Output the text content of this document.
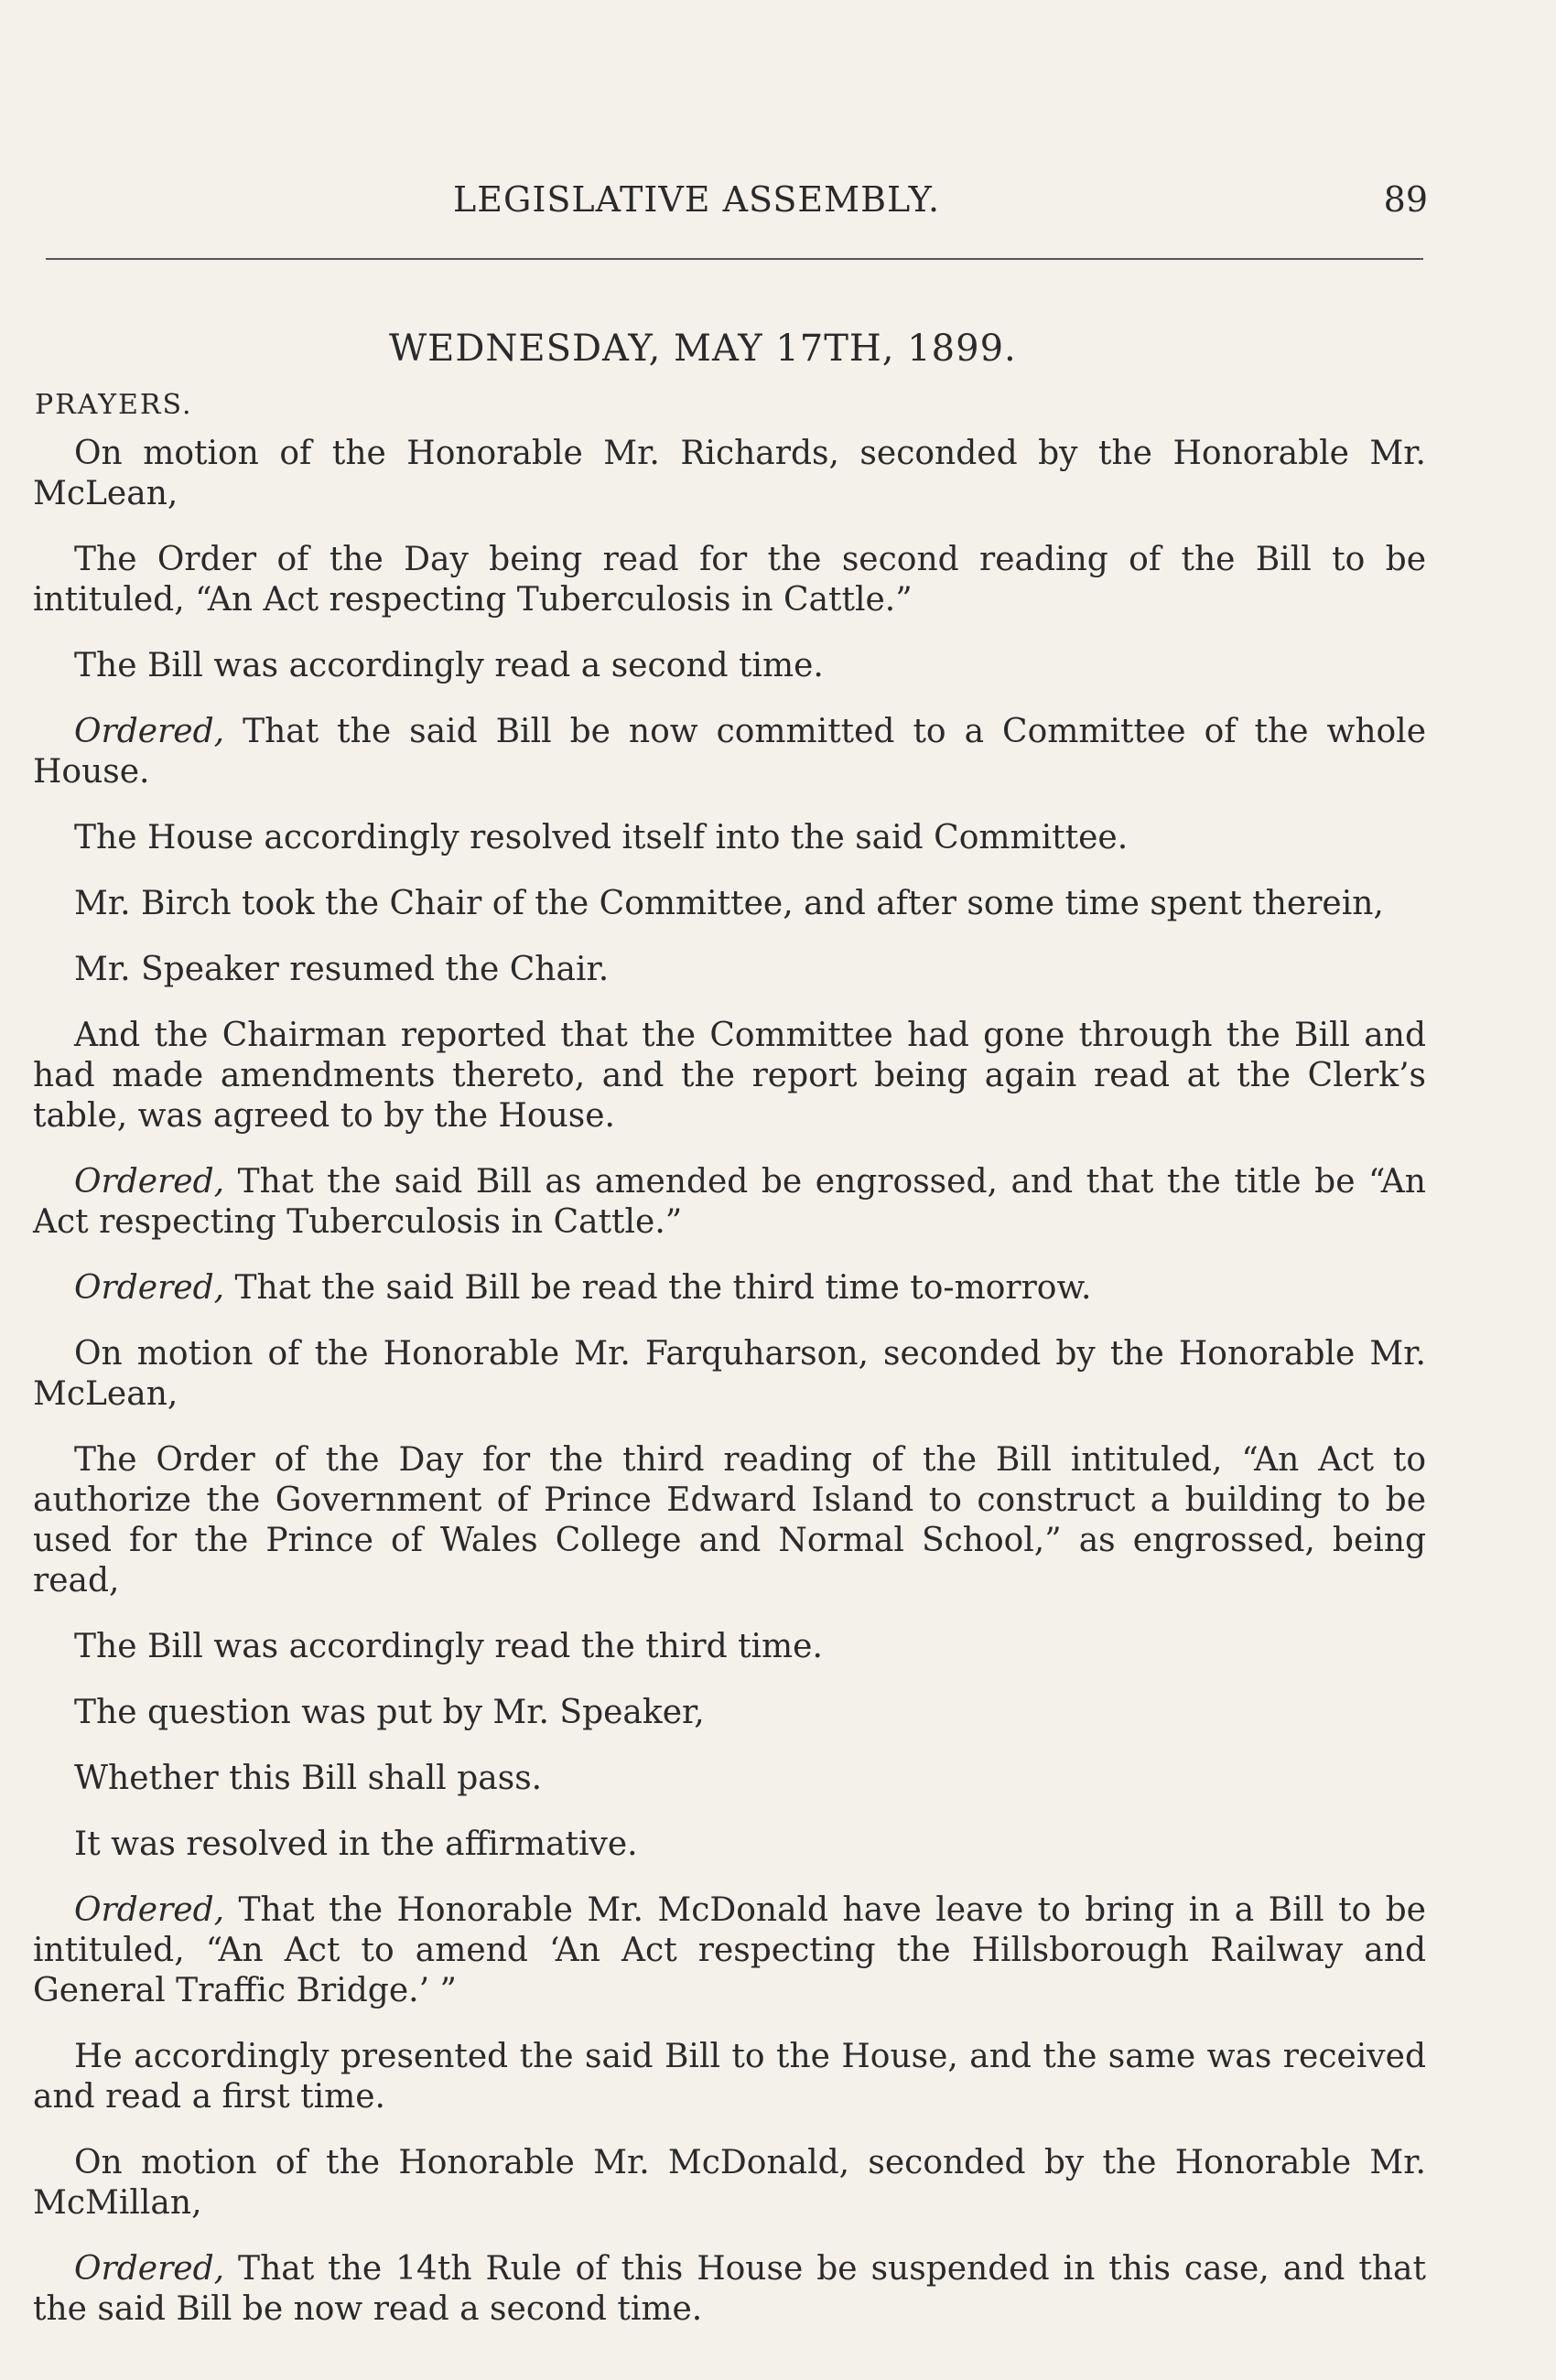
LEGISLATIVE ASSEMBLY.	89
WEDNESDAY, MAY 17TH, 1899.
PRAYERS.

On motion of the Honorable Mr. Richards, seconded by the Honorable Mr. McLean,

The Order of the Day being read for the second reading of the Bill to be intituled, “An Act respecting Tuberculosis in Cattle.”

The Bill was accordingly read a second time.

Ordered, That the said Bill be now committed to a Committee of the whole House.

The House accordingly resolved itself into the said Committee.

Mr. Birch took the Chair of the Committee, and after some time spent therein,

Mr. Speaker resumed the Chair.

And the Chairman reported that the Committee had gone through the Bill and had made amendments thereto, and the report being again read at the Clerk’s table, was agreed to by the House.

Ordered, That the said Bill as amended be engrossed, and that the title be “An Act respecting Tuberculosis in Cattle.”

Ordered, That the said Bill be read the third time to-morrow.

On motion of the Honorable Mr. Farquharson, seconded by the Honorable Mr. McLean,

The Order of the Day for the third reading of the Bill intituled, “An Act to authorize the Government of Prince Edward Island to construct a building to be used for the Prince of Wales College and Normal School,” as engrossed, being read,

The Bill was accordingly read the third time.

The question was put by Mr. Speaker,

Whether this Bill shall pass.

It was resolved in the affirmative.

Ordered, That the Honorable Mr. McDonald have leave to bring in a Bill to be intituled, “An Act to amend ‘An Act respecting the Hillsborough Railway and General Traffic Bridge.’ ”

He accordingly presented the said Bill to the House, and the same was received and read a first time.

On motion of the Honorable Mr. McDonald, seconded by the Honorable Mr. McMillan,

Ordered, That the 14th Rule of this House be suspended in this case, and that the said Bill be now read a second time.
